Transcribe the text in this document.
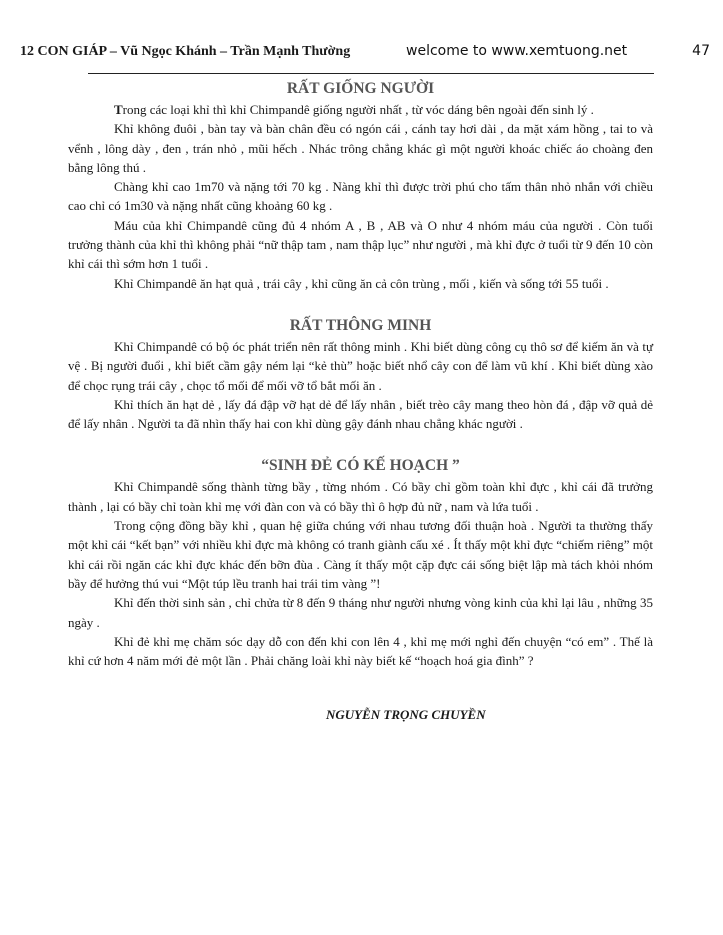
12 CON GIÁP – Vũ Ngọc Khánh – Trần Mạnh Thường	welcome to www.xemtuong.net	47
RẤT GIỐNG NGƯỜI

Trong các loại khỉ thì khỉ Chimpandê giống người nhất , từ vóc dáng bên ngoài đến sinh lý .

Khỉ không đuôi , bàn tay và bàn chân đều có ngón cái , cánh tay hơi dài , da mặt xám hồng , tai to và vểnh , lông dày , đen , trán nhỏ , mũi hếch . Nhác trông chẳng khác gì một người khoác chiếc áo choàng đen bằng lông thú .

Chàng khỉ cao 1m70 và nặng tới 70 kg . Nàng khỉ thì được trời phú cho tấm thân nhỏ nhắn với chiều cao chỉ có 1m30 và nặng nhất cũng khoảng 60 kg .

Máu của khỉ Chimpandê cũng đủ 4 nhóm A , B , AB và O như 4 nhóm máu của người . Còn tuổi trưởng thành của khỉ thì không phải “nữ thập tam , nam thập lục” như người , mà khỉ đực ở tuổi từ 9 đến 10 còn khỉ cái thì sớm hơn 1 tuổi .

Khỉ Chimpandê ăn hạt quả , trái cây , khỉ cũng ăn cả côn trùng , mối , kiến và sống tới 55 tuổi .

RẤT THÔNG MINH

Khỉ Chimpandê có bộ óc phát triển nên rất thông minh . Khi biết dùng công cụ thô sơ để kiếm ăn và tự vệ . Bị người đuổi , khỉ biết cầm gậy ném lại “kẻ thù” hoặc biết nhổ cây con để làm vũ khí . Khỉ biết dùng xào để chọc rụng trái cây , chọc tổ mối để mối vỡ tổ bắt mối ăn .

Khỉ thích ăn hạt dẻ , lấy đá đập vỡ hạt dẻ để lấy nhân , biết trèo cây mang theo hòn đá , đập vỡ quả dẻ để lấy nhân . Người ta đã nhìn thấy hai con khỉ dùng gậy đánh nhau chẳng khác người .

“SINH ĐẺ CÓ KẾ HOẠCH ”

Khỉ Chimpandê sống thành từng bầy , từng nhóm . Có bầy chỉ gồm toàn khỉ đực , khỉ cái đã trưởng thành , lại có bầy chỉ toàn khỉ mẹ với đàn con và có bầy thì ô hợp đủ nữ , nam và lứa tuổi .

Trong cộng đồng bầy khỉ , quan hệ giữa chúng với nhau tương đối thuận hoà . Người ta thường thấy một khỉ cái “kết bạn” với nhiều khỉ đực mà không có tranh giành cấu xé . Ít thấy một khỉ đực “chiếm riêng” một khỉ cái rồi ngăn các khỉ đực khác đến bỡn đùa . Càng ít thấy một cặp đực cái sống biệt lập mà tách khỏi nhóm bầy để hưởng thú vui “Một túp lều tranh hai trái tim vàng ”!

Khỉ đến thời sinh sản , chỉ chửa từ 8 đến 9 tháng như người nhưng vòng kinh của khỉ lại lâu , những 35 ngày .

Khỉ đẻ khỉ mẹ chăm sóc dạy dỗ con đến khi con lên 4 , khỉ mẹ mới nghỉ đến chuyện “có em” . Thế là khỉ cứ hơn 4 năm mới đẻ một lần . Phải chăng loài khỉ này biết kế “hoạch hoá gia đình” ?

NGUYỄN TRỌNG CHUYỀN
